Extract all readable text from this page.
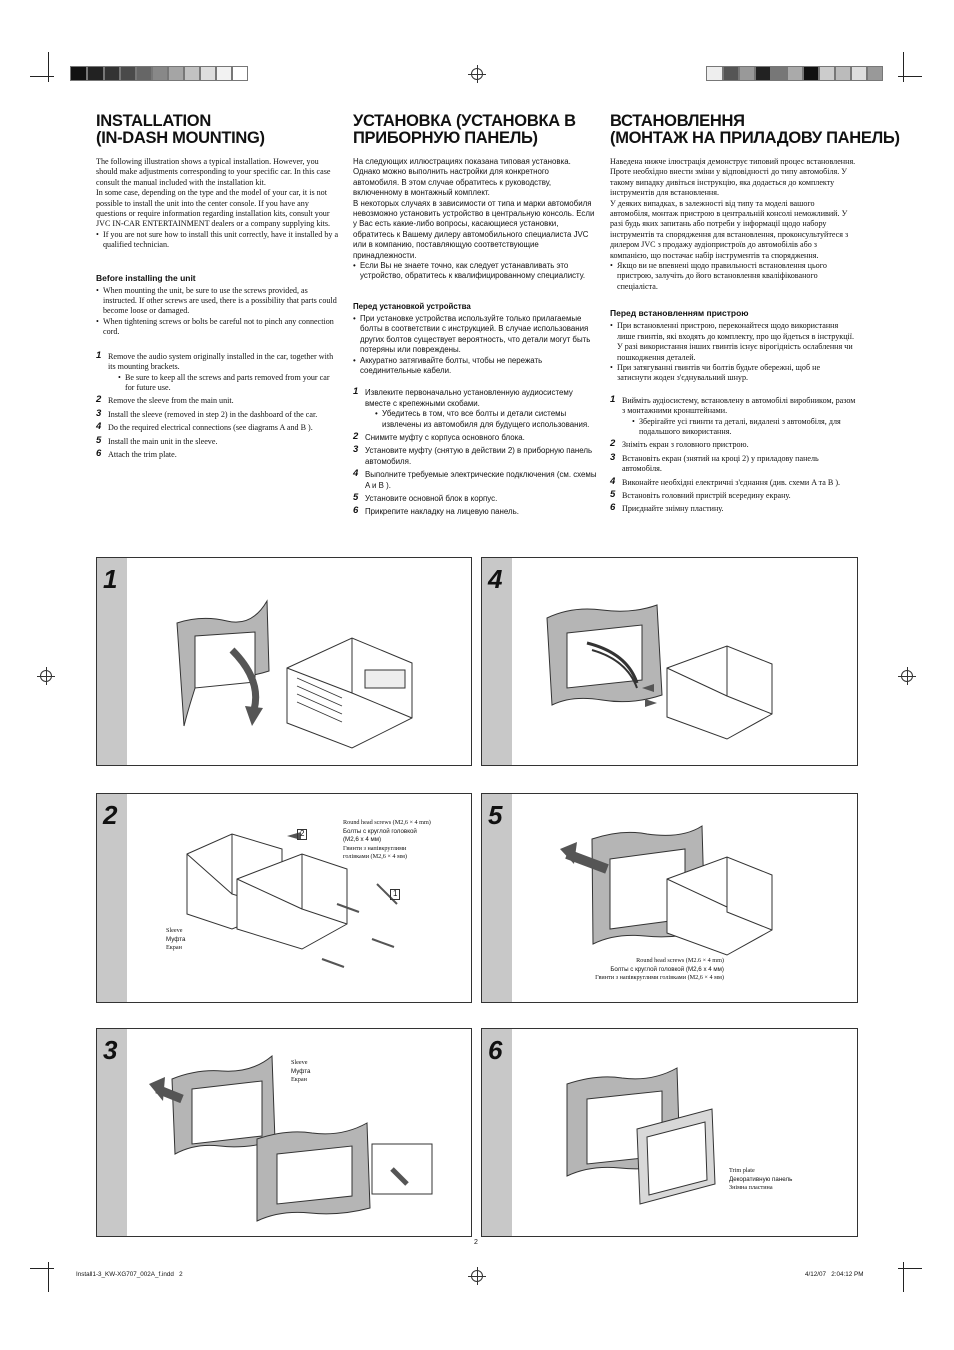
INSTALLATION
(IN-DASH MOUNTING)

The following illustration shows a typical installation. However, you should make adjustments corresponding to your specific car. In this case consult the manual included with the installation kit.

In some case, depending on the type and the model of your car, it is not possible to install the unit into the center console. If you have any questions or require information regarding installation kits, consult your JVC IN-CAR ENTERTAINMENT dealers or a company supplying kits.

• If you are not sure how to install this unit correctly, have it installed by a qualified technician.

Before installing the unit

• When mounting the unit, be sure to use the screws provided, as instructed. If other screws are used, there is a possibility that parts could become loose or damaged.

• When tightening screws or bolts be careful not to pinch any connection cord.

1 Remove the audio system originally installed in the car, together with its mounting brackets.
• Be sure to keep all the screws and parts removed from your car for future use.
2 Remove the sleeve from the main unit.
3 Install the sleeve (removed in step 2) in the dashboard of the car.
4 Do the required electrical connections (see diagrams A and B ).
5 Install the main unit in the sleeve.
6 Attach the trim plate.
УСТАНОВКА (УСТАНОВКА В
ПРИБОРНУЮ ПАНЕЛЬ)

На следующих иллюстрациях показана типовая установка. Однако можно выполнить настройки для конкретного автомобиля. В этом случае обратитесь к руководству, включенному в монтажный комплект.

В некоторых случаях в зависимости от типа и марки автомобиля невозможно установить устройство в центральную консоль. Если у Вас есть какие-либо вопросы, касающиеся установки, обратитесь к Вашему дилеру автомобильного специалиста JVC или в компанию, поставляющую соответствующие принадлежности.

• Если Вы не знаете точно, как следует устанавливать это устройство, обратитесь к квалифицированному специалисту.

Перед установкой устройства

• При установке устройства используйте только прилагаемые болты в соответствии с инструкцией. В случае использования других болтов существует вероятность, что детали могут быть потеряны или повреждены.

• Аккуратно затягивайте болты, чтобы не пережать соединительные кабели.

1 Извлеките первоначально установленную аудиосистему вместе с крепежными скобами.
• Убедитесь в том, что все болты и детали системы извлечены из автомобиля для будущего использования.
2 Снимите муфту с корпуса основного блока.
3 Установите муфту (снятую в действии 2) в приборную панель автомобиля.
4 Выполните требуемые электрические подключения (см. схемы A и B ).
5 Установите основной блок в корпус.
6 Прикрепите накладку на лицевую панель.
ВСТАНОВЛЕННЯ
(МОНТАЖ НА ПРИЛАДОВУ ПАНЕЛЬ)

Наведена нижче ілюстрація демонструє типовий процес встановлення. Проте необхідно внести зміни у відповідності до типу автомобіля. У такому випадку дивіться інструкцію, яка додається до комплекту інструментів для встановлення.

У деяких випадках, в залежності від типу та моделі вашого автомобіля, монтаж пристрою в центральній консолі неможливий. У разі будь яких запитань або потреби у інформації щодо набору інструментів та спорядження для встановлення, проконсультуйтеся з дилером JVC з продажу аудіопристроїв до автомобілів або з компанією, що постачає набір інструментів та спорядження.

• Якщо ви не впевнені щодо правильності встановлення цього пристрою, залучіть до його встановлення кваліфікованого спеціаліста.

Перед встановленням пристрою

• При встановленні пристрою, переконайтеся щодо використання лише гвинтів, які входять до комплекту, про що йдеться в інструкції. У разі використання інших гвинтів існує вірогідність ослаблення чи пошкодження деталей.

• При затягуванні гвинтів чи болтів будьте обережні, щоб не затиснути жоден з'єднувальний шнур.

1 Вийміть аудіосистему, встановлену в автомобілі виробником, разом з монтажними кронштейнами.
• Зберігайте усі гвинти та деталі, видалені з автомобіля, для подальшого використання.
2 Зніміть екран з головного пристрою.
3 Встановіть екран (знятий на кроці 2) у приладову панель автомобіля.
4 Виконайте необхідні електричні з'єднання (див. схеми A та B ).
5 Встановіть головний пристрій всередину екрану.
6 Приєднайте знімну пластину.
1	4
2
2
1
Round head screws (M2,6 × 4 mm)
Болты с круглой головкой
(M2,6 x 4 мм)
Гвинти з напівкруглими
голівками (M2,6 × 4 мм)
Sleeve
Муфта
Екран
5
Round head screws (M2.6 × 4 mm)
Болты с круглой головкой (M2,6 x 4 мм)
Гвинти з напівкруглими голівками (M2,6 × 4 мм)
3	Sleeve
Муфта
Екран
6
Trim plate
Декоративную панель
Знімна пластина
2
Install1-3_KW-XG707_002A_f.indd   2	4/12/07   2:04:12 PM
